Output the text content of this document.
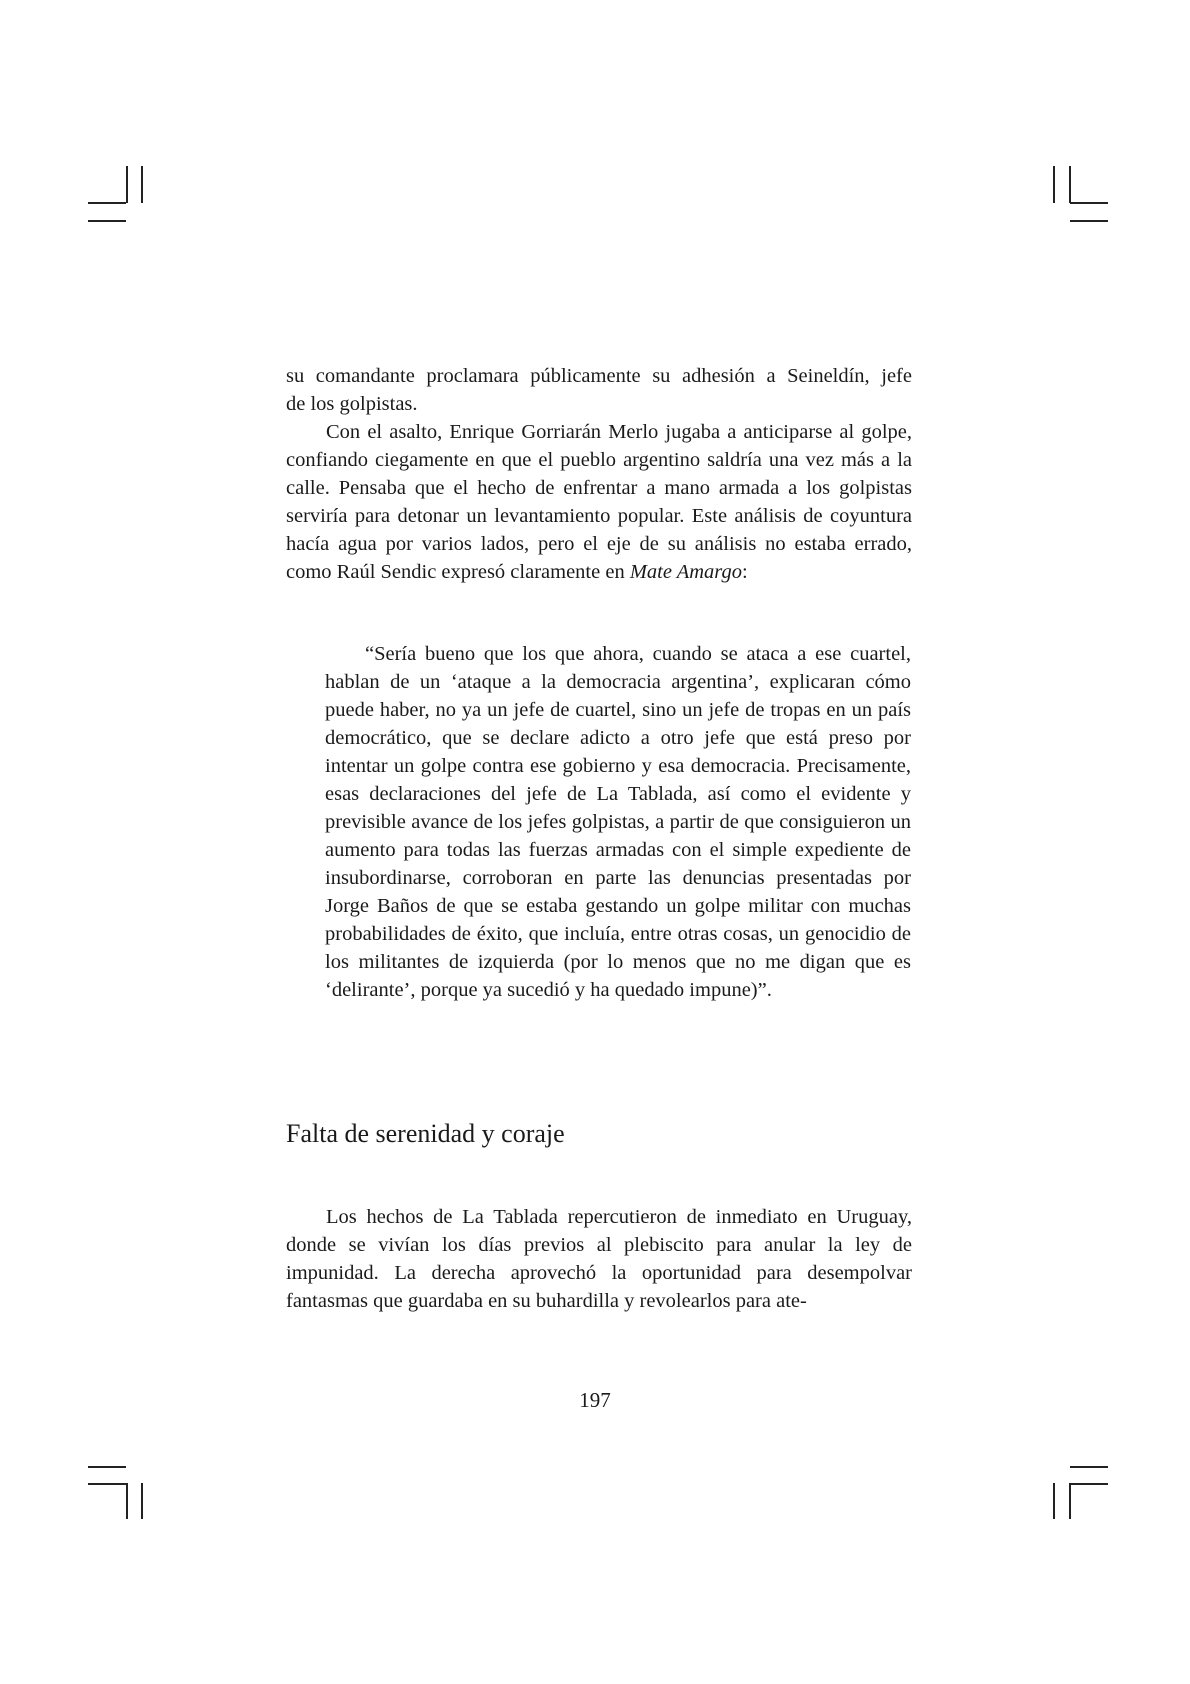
su comandante proclamara públicamente su adhesión a Seineldín, jefe

de los golpistas.

Con el asalto, Enrique Gorriarán Merlo jugaba a anticiparse al golpe, confiando ciegamente en que el pueblo argentino saldría una vez más a la calle. Pensaba que el hecho de enfrentar a mano armada a los golpistas serviría para detonar un levantamiento popular. Este análisis de coyuntura hacía agua por varios lados, pero el eje de su análisis no estaba errado, como Raúl Sendic expresó claramente en Mate Amargo:

“Sería bueno que los que ahora, cuando se ataca a ese cuartel, hablan de un ‘ataque a la democracia argentina’, explicaran cómo puede haber, no ya un jefe de cuartel, sino un jefe de tropas en un país democrático, que se declare adicto a otro jefe que está preso por intentar un golpe contra ese gobierno y esa democracia. Precisamente, esas declaraciones del jefe de La Tablada, así como el evidente y previsible avance de los jefes golpistas, a partir de que consiguieron un aumento para todas las fuerzas armadas con el simple expediente de insubordinarse, corroboran en parte las denuncias presentadas por Jorge Baños de que se estaba gestando un golpe militar con muchas probabilidades de éxito, que incluía, entre otras cosas, un genocidio de los militantes de izquierda (por lo menos que no me digan que es ‘delirante’, porque ya sucedió y ha quedado impune)”.

Falta de serenidad y coraje

Los hechos de La Tablada repercutieron de inmediato en Uruguay, donde se vivían los días previos al plebiscito para anular la ley de impunidad. La derecha aprovechó la oportunidad para desempolvar fantasmas que guardaba en su buhardilla y revolearlos para ate-

197
